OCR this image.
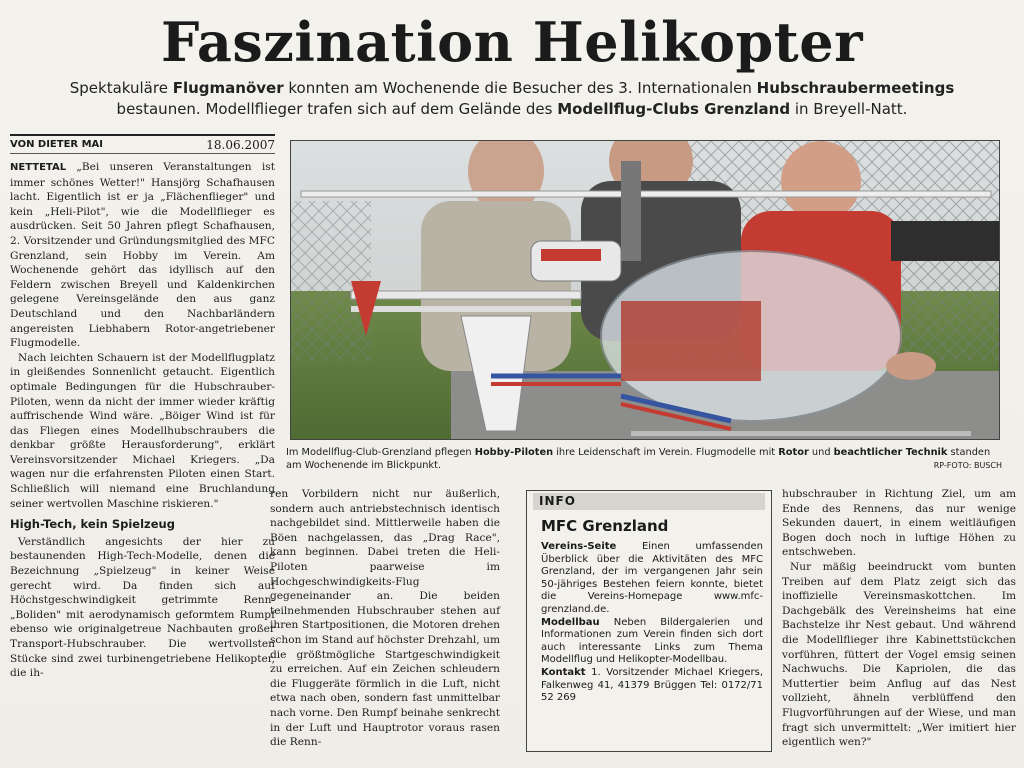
Faszination Helikopter
Spektakuläre Flugmanöver konnten am Wochenende die Besucher des 3. Internationalen Hubschraubermeetings
bestaunen. Modellflieger trafen sich auf dem Gelände des Modellflug-Clubs Grenzland in Breyell-Natt.
VON DIETER MAI	18.06.2007

NETTETAL „Bei unseren Veranstaltungen ist immer schönes Wetter!" Hansjörg Schafhausen lacht. Eigentlich ist er ja „Flächenflieger" und kein „Heli-Pilot", wie die Modellflieger es ausdrücken. Seit 50 Jahren pflegt Schafhausen, 2. Vorsitzender und Gründungsmitglied des MFC Grenzland, sein Hobby im Verein. Am Wochenende gehört das idyllisch auf den Feldern zwischen Breyell und Kaldenkirchen gelegene Vereinsgelände den aus ganz Deutschland und den Nachbarländern angereisten Liebhabern Rotor-angetriebener Flugmodelle.

Nach leichten Schauern ist der Modellflugplatz in gleißendes Sonnenlicht getaucht. Eigentlich optimale Bedingungen für die Hubschrauber-Piloten, wenn da nicht der immer wieder kräftig auffrischende Wind wäre. „Böiger Wind ist für das Fliegen eines Modellhubschraubers die denkbar größte Herausforderung", erklärt Vereinsvorsitzender Michael Kriegers. „Da wagen nur die erfahrensten Piloten einen Start. Schließlich will niemand eine Bruchlandung seiner wertvollen Maschine riskieren."

High-Tech, kein Spielzeug

Verständlich angesichts der hier zu bestaunenden High-Tech-Modelle, denen die Bezeichnung „Spielzeug" in keiner Weise gerecht wird. Da finden sich auf Höchstgeschwindigkeit getrimmte Renn-„Boliden" mit aerodynamisch geformtem Rumpf ebenso wie originalgetreue Nachbauten großer Transport-Hubschrauber. Die wertvollsten Stücke sind zwei turbinengetriebene Helikopter, die ih-

Im Modellflug-Club-Grenzland pflegen Hobby-Piloten ihre Leidenschaft im Verein. Flugmodelle mit Rotor und beachtlicher Technik standen am Wochenende im Blickpunkt.	RP-FOTO: BUSCH

ren Vorbildern nicht nur äußerlich, sondern auch antriebstechnisch identisch nachgebildet sind. Mittlerweile haben die Böen nachgelassen, das „Drag Race", kann beginnen. Dabei treten die Heli-Piloten paarweise im Hochgeschwindigkeits-Flug gegeneinander an. Die beiden teilnehmenden Hubschrauber stehen auf ihren Startpositionen, die Motoren drehen schon im Stand auf höchster Drehzahl, um die größtmögliche Startgeschwindigkeit zu erreichen. Auf ein Zeichen schleudern die Fluggeräte förmlich in die Luft, nicht etwa nach oben, sondern fast unmittelbar nach vorne. Den Rumpf beinahe senkrecht in der Luft und Hauptrotor voraus rasen die Renn-

INFO
MFC Grenzland

Vereins-Seite Einen umfassenden Überblick über die Aktivitäten des MFC Grenzland, der im vergangenen Jahr sein 50-jähriges Bestehen feiern konnte, bietet die Vereins-Homepage www.mfc-grenzland.de.

Modellbau Neben Bildergalerien und Informationen zum Verein finden sich dort auch interessante Links zum Thema Modellflug und Helikopter-Modellbau.

Kontakt 1. Vorsitzender Michael Kriegers, Falkenweg 41, 41379 Brüggen Tel: 0172/71 52 269

hubschrauber in Richtung Ziel, um am Ende des Rennens, das nur wenige Sekunden dauert, in einem weitläufigen Bogen doch noch in luftige Höhen zu entschweben.

Nur mäßig beeindruckt vom bunten Treiben auf dem Platz zeigt sich das inoffizielle Vereinsmaskottchen. Im Dachgebälk des Vereinsheims hat eine Bachstelze ihr Nest gebaut. Und während die Modellflieger ihre Kabinettstückchen vorführen, füttert der Vogel emsig seinen Nachwuchs. Die Kapriolen, die das Muttertier beim Anflug auf das Nest vollzieht, ähneln verblüffend den Flugvorführungen auf der Wiese, und man fragt sich unvermittelt: „Wer imitiert hier eigentlich wen?"
